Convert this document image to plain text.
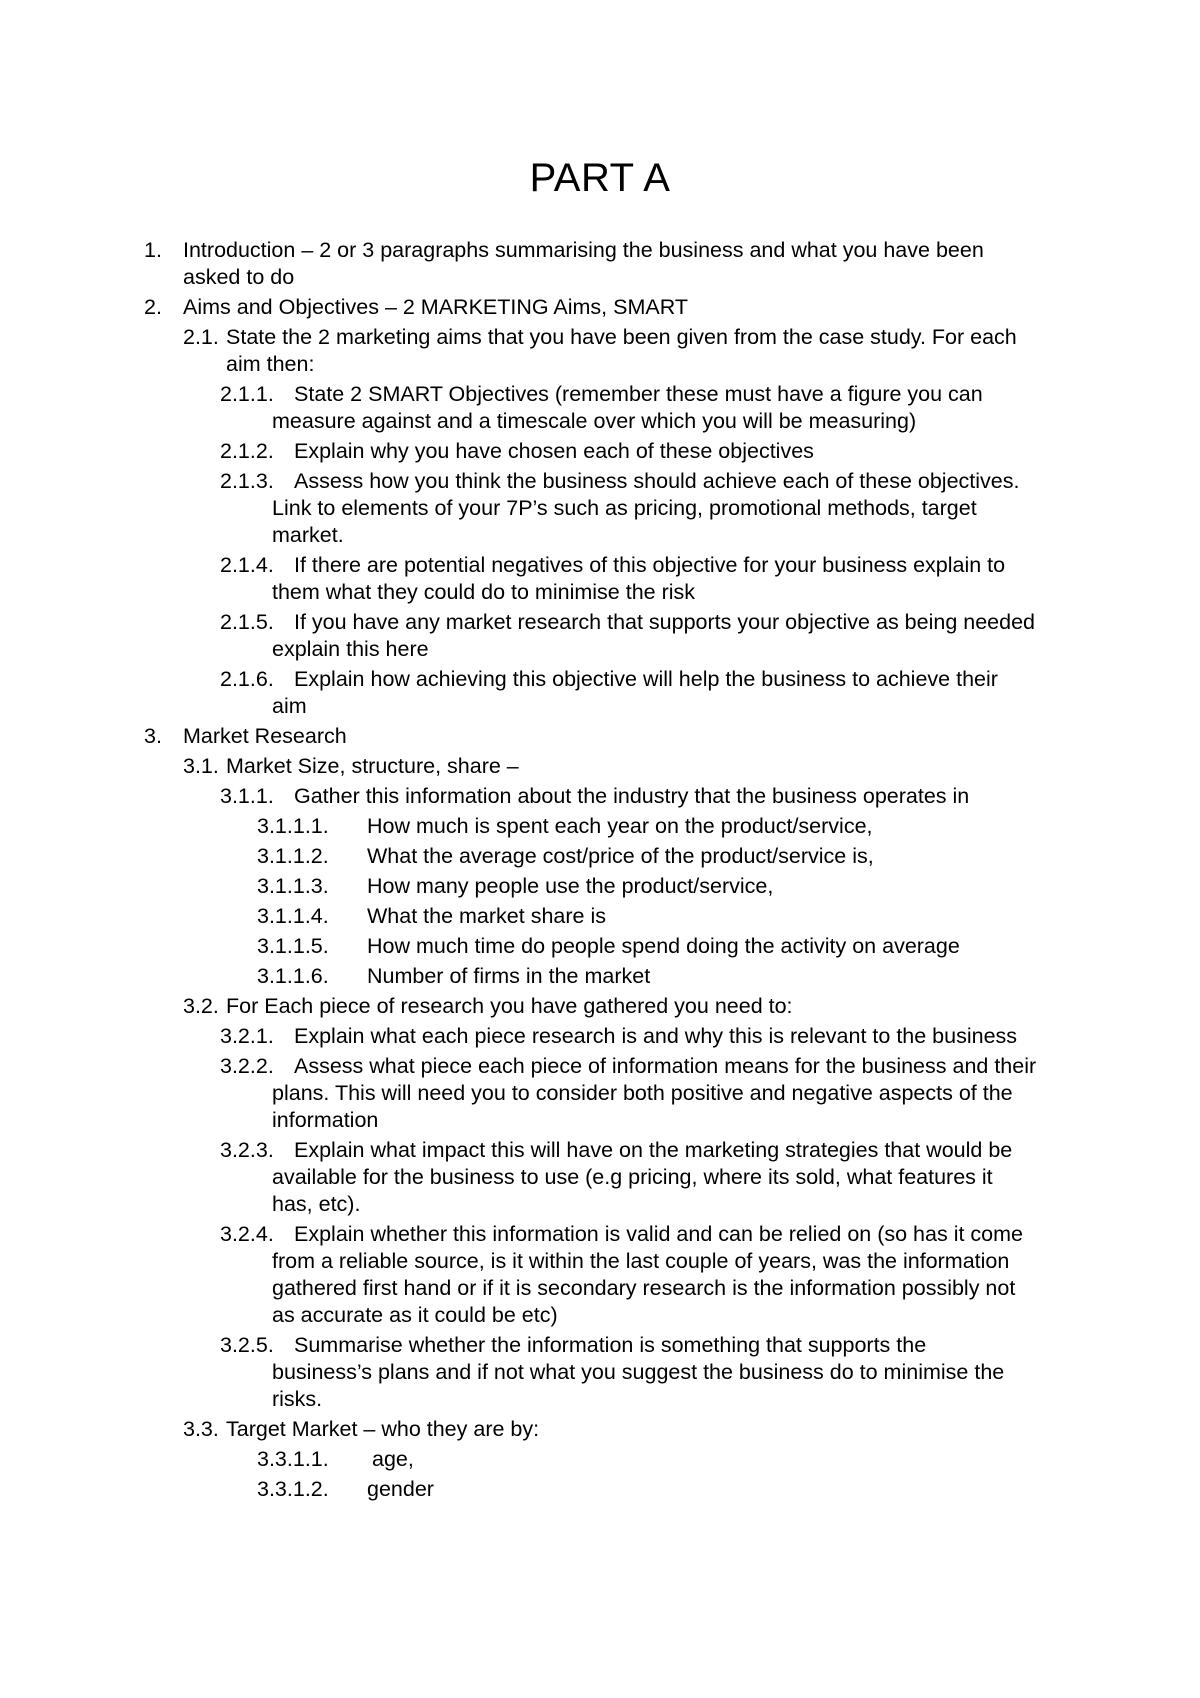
PART A
1. Introduction – 2 or 3 paragraphs summarising the business and what you have been
asked to do
2. Aims and Objectives – 2 MARKETING Aims, SMART
2.1. State the 2 marketing aims that you have been given from the case study. For each
aim then:
2.1.1. State 2 SMART Objectives (remember these must have a figure you can
measure against and a timescale over which you will be measuring)
2.1.2. Explain why you have chosen each of these objectives
2.1.3. Assess how you think the business should achieve each of these objectives.
Link to elements of your 7P’s such as pricing, promotional methods, target
market.
2.1.4. If there are potential negatives of this objective for your business explain to
them what they could do to minimise the risk
2.1.5. If you have any market research that supports your objective as being needed
explain this here
2.1.6. Explain how achieving this objective will help the business to achieve their
aim
3. Market Research
3.1. Market Size, structure, share –
3.1.1. Gather this information about the industry that the business operates in
3.1.1.1. How much is spent each year on the product/service,
3.1.1.2. What the average cost/price of the product/service is,
3.1.1.3. How many people use the product/service,
3.1.1.4. What the market share is
3.1.1.5. How much time do people spend doing the activity on average
3.1.1.6. Number of firms in the market
3.2. For Each piece of research you have gathered you need to:
3.2.1. Explain what each piece research is and why this is relevant to the business
3.2.2. Assess what piece each piece of information means for the business and their
plans. This will need you to consider both positive and negative aspects of the
information
3.2.3. Explain what impact this will have on the marketing strategies that would be
available for the business to use (e.g pricing, where its sold, what features it
has, etc).
3.2.4. Explain whether this information is valid and can be relied on (so has it come
from a reliable source, is it within the last couple of years, was the information
gathered first hand or if it is secondary research is the information possibly not
as accurate as it could be etc)
3.2.5. Summarise whether the information is something that supports the
business’s plans and if not what you suggest the business do to minimise the
risks.
3.3. Target Market – who they are by:
3.3.1.1. age,
3.3.1.2. gender
